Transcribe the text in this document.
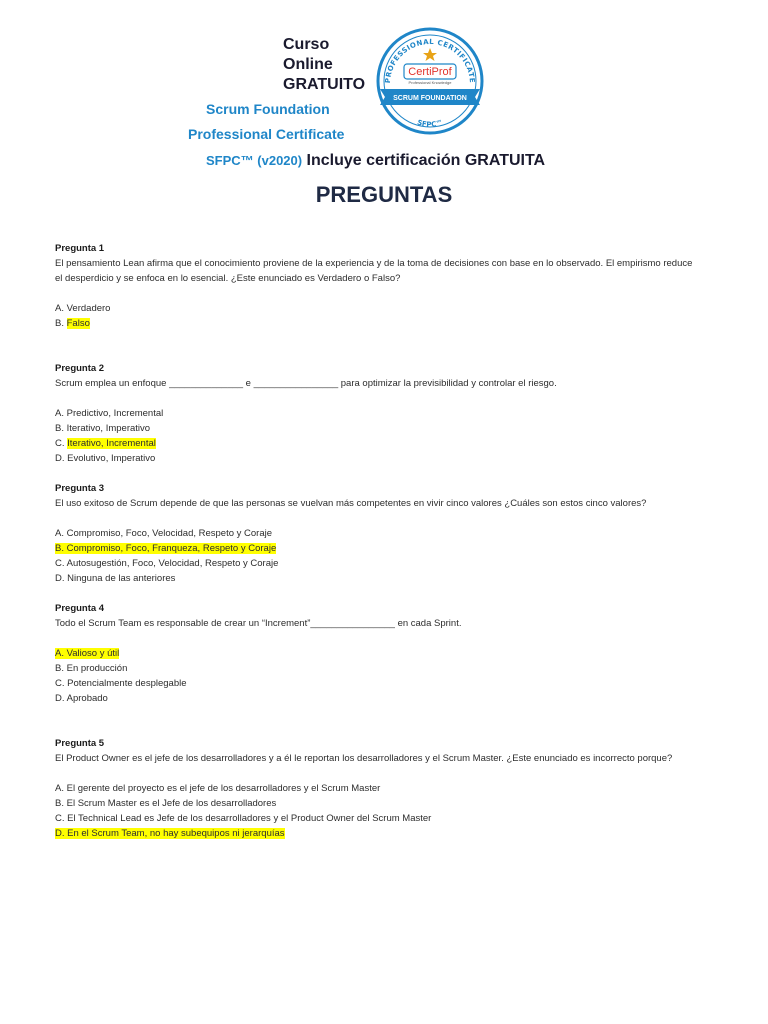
Curso
Online
GRATUITO
Scrum Foundation
Professional Certificate
SFPC™ (v2020) Incluye certificación GRATUITA
PROFESSIONAL CERTIFICATE
CertiProf
Professional Knowledge
SCRUM FOUNDATION
SFPC™
PREGUNTAS
Pregunta 1
El pensamiento Lean afirma que el conocimiento proviene de la experiencia y de la toma de decisiones con base en lo observado. El empirismo reduce el desperdicio y se enfoca en lo esencial. ¿Este enunciado es Verdadero o Falso?
A. Verdadero
B. Falso
Pregunta 2
Scrum emplea un enfoque ______________ e ________________ para optimizar la previsibilidad y controlar el riesgo.
A. Predictivo, Incremental
B. Iterativo, Imperativo
C. Iterativo, Incremental
D. Evolutivo, Imperativo
Pregunta 3
El uso exitoso de Scrum depende de que las personas se vuelvan más competentes en vivir cinco valores ¿Cuáles son estos cinco valores?
A. Compromiso, Foco, Velocidad, Respeto y Coraje
B. Compromiso, Foco, Franqueza, Respeto y Coraje
C. Autosugestión, Foco, Velocidad, Respeto y Coraje
D. Ninguna de las anteriores
Pregunta 4
Todo el Scrum Team es responsable de crear un “Increment”________________ en cada Sprint.
A. Valioso y útil
B. En producción
C. Potencialmente desplegable
D. Aprobado
Pregunta 5
El Product Owner es el jefe de los desarrolladores y a él le reportan los desarrolladores y el Scrum Master. ¿Este enunciado es incorrecto porque?
A. El gerente del proyecto es el jefe de los desarrolladores y el Scrum Master
B. El Scrum Master es el Jefe de los desarrolladores
C. El Technical Lead es Jefe de los desarrolladores y el Product Owner del Scrum Master
D. En el Scrum Team, no hay subequipos ni jerarquías
